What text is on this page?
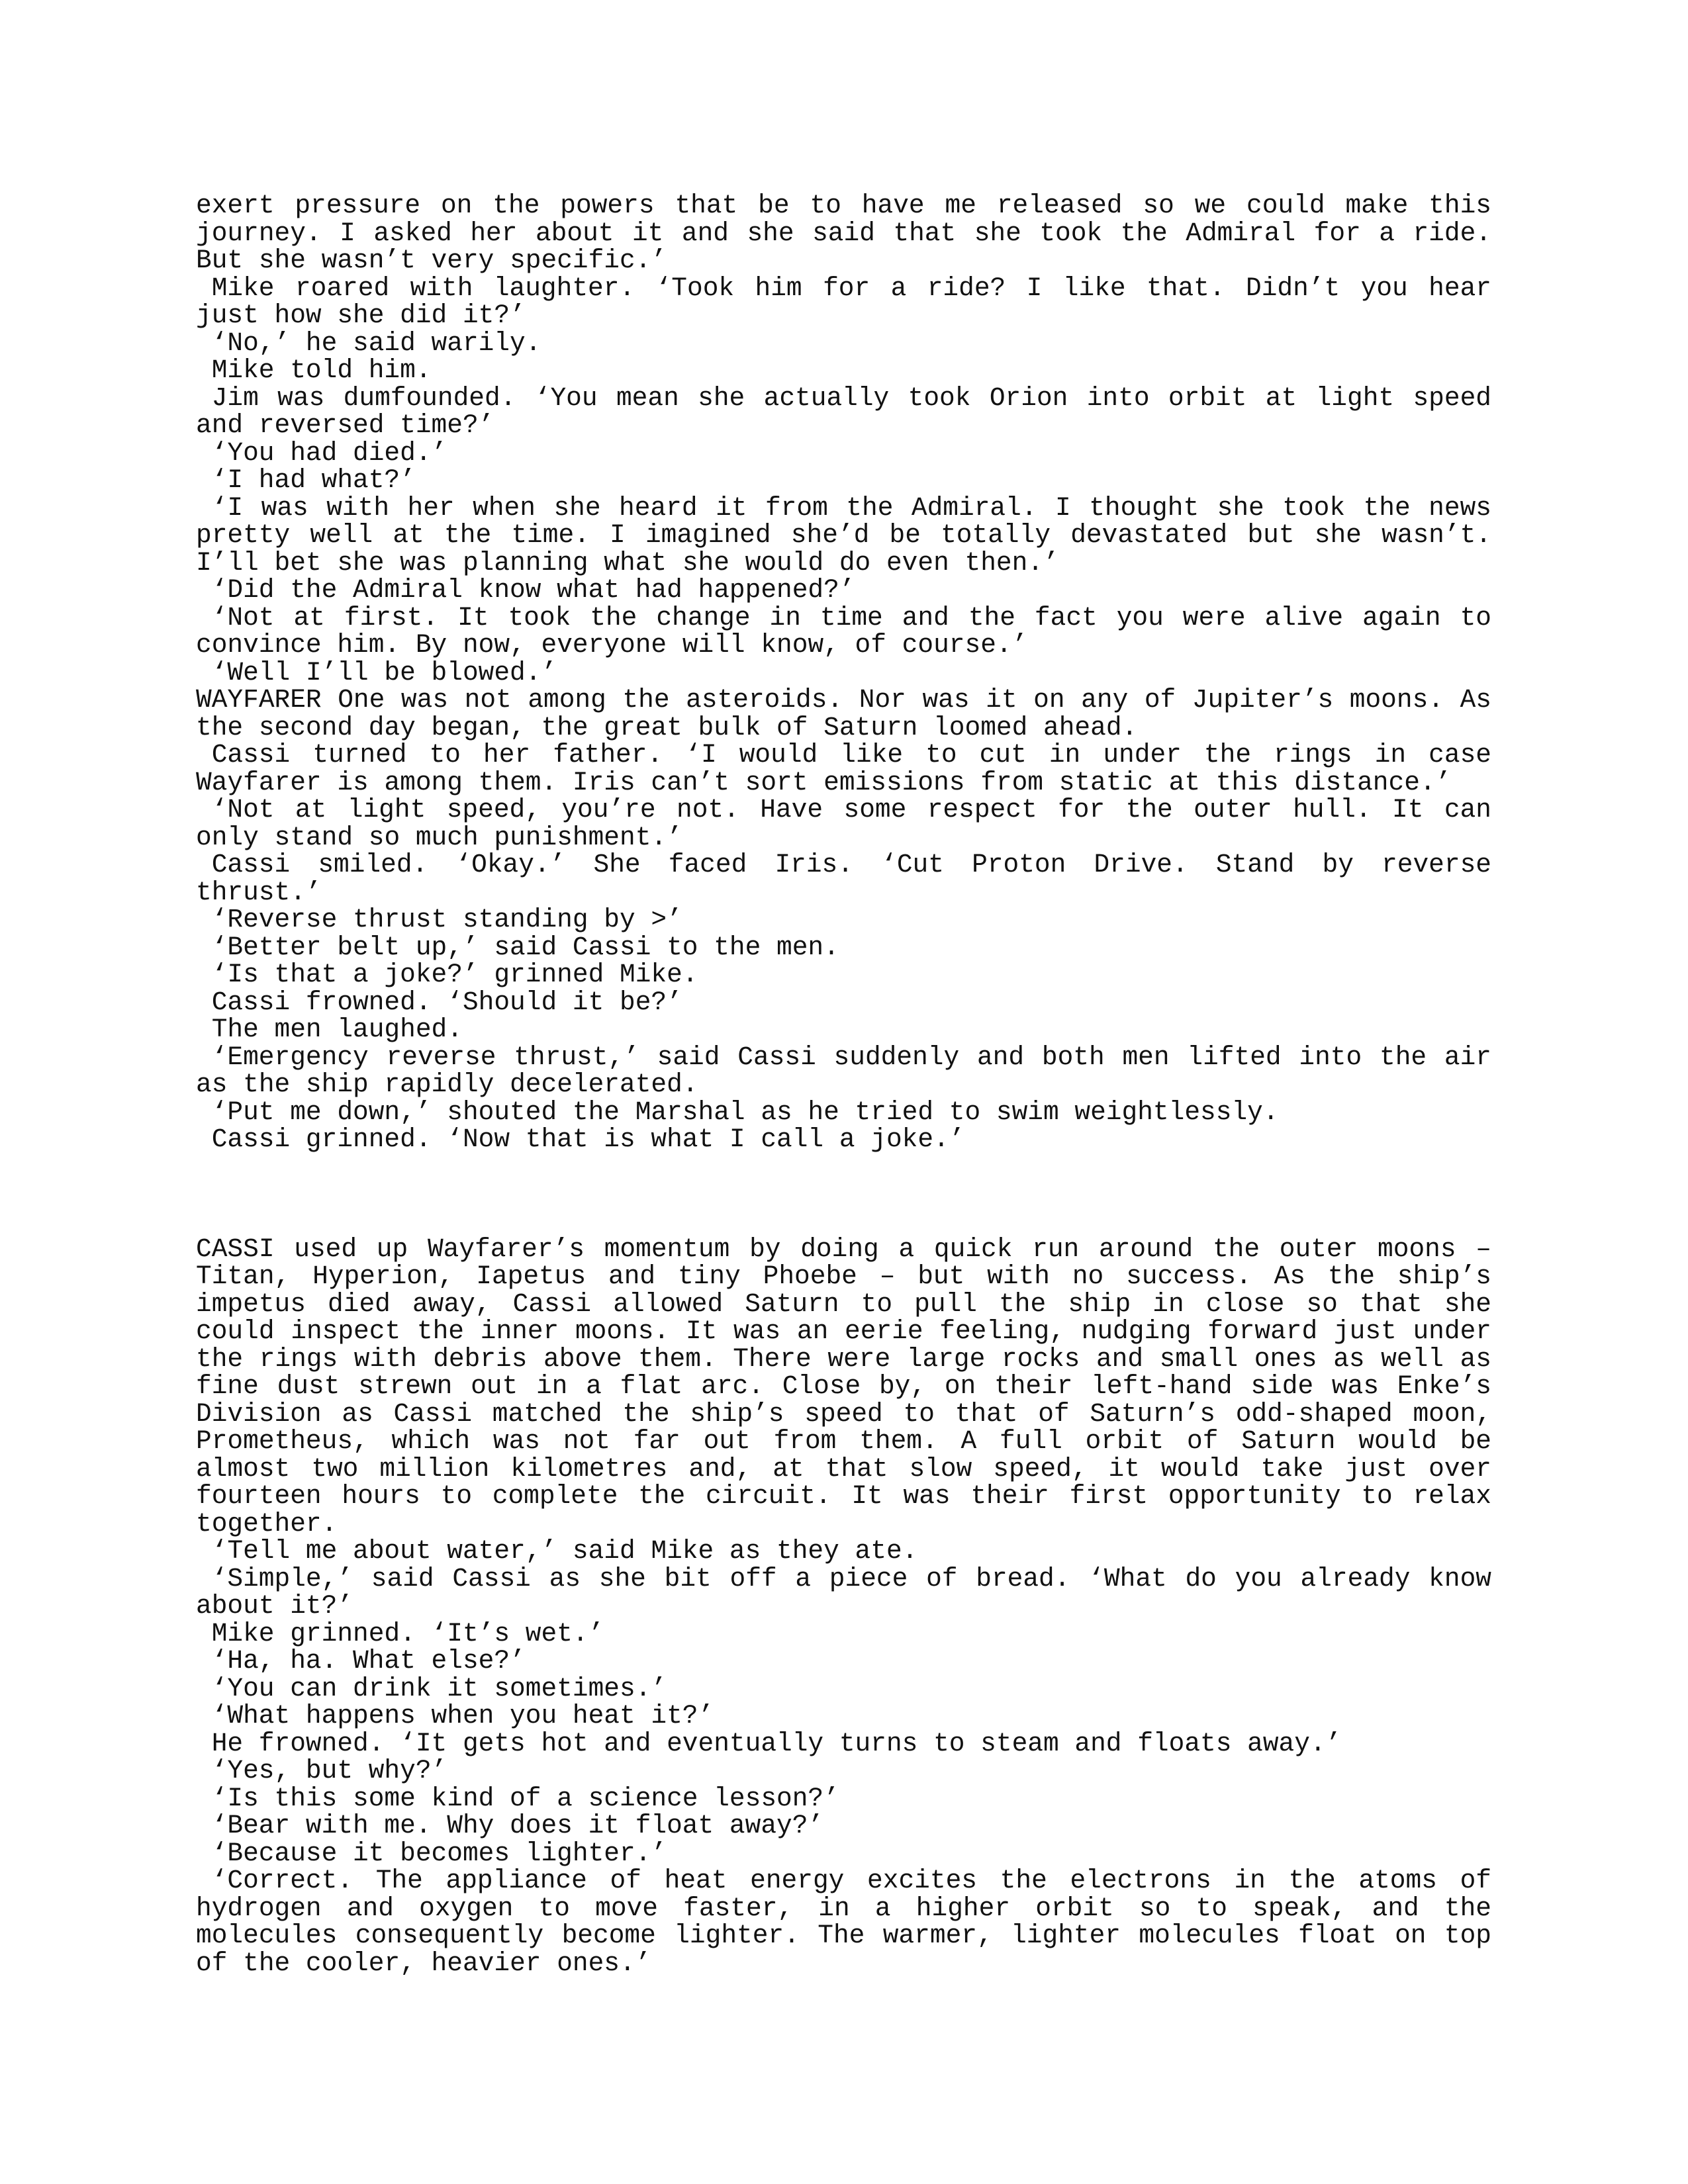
exert pressure on the powers that be to have me released so we could make this journey. I asked her about it and she said that she took the Admiral for a ride. But she wasn’t very specific.’

Mike roared with laughter. ‘Took him for a ride? I like that. Didn’t you hear just how she did it?’

‘No,’ he said warily.

Mike told him.

Jim was dumfounded. ‘You mean she actually took Orion into orbit at light speed and reversed time?’

‘You had died.’

‘I had what?’

‘I was with her when she heard it from the Admiral. I thought she took the news pretty well at the time. I imagined she’d be totally devastated but she wasn’t. I’ll bet she was planning what she would do even then.’

‘Did the Admiral know what had happened?’

‘Not at first. It took the change in time and the fact you were alive again to convince him. By now, everyone will know, of course.’

‘Well I’ll be blowed.’

WAYFARER One was not among the asteroids. Nor was it on any of Jupiter’s moons. As the second day began, the great bulk of Saturn loomed ahead.

Cassi turned to her father. ‘I would like to cut in under the rings in case Wayfarer is among them. Iris can’t sort emissions from static at this distance.’

‘Not at light speed, you’re not. Have some respect for the outer hull. It can only stand so much punishment.’

Cassi smiled. ‘Okay.’ She faced Iris. ‘Cut Proton Drive. Stand by reverse thrust.’

‘Reverse thrust standing by >’

‘Better belt up,’ said Cassi to the men.

‘Is that a joke?’ grinned Mike.

Cassi frowned. ‘Should it be?’

The men laughed.

‘Emergency reverse thrust,’ said Cassi suddenly and both men lifted into the air as the ship rapidly decelerated.

‘Put me down,’ shouted the Marshal as he tried to swim weightlessly.

Cassi grinned. ‘Now that is what I call a joke.’

CASSI used up Wayfarer’s momentum by doing a quick run around the outer moons – Titan, Hyperion, Iapetus and tiny Phoebe – but with no success. As the ship’s impetus died away, Cassi allowed Saturn to pull the ship in close so that she could inspect the inner moons. It was an eerie feeling, nudging forward just under the rings with debris above them. There were large rocks and small ones as well as fine dust strewn out in a flat arc. Close by, on their left-hand side was Enke’s Division as Cassi matched the ship’s speed to that of Saturn’s odd-shaped moon, Prometheus, which was not far out from them. A full orbit of Saturn would be almost two million kilometres and, at that slow speed, it would take just over fourteen hours to complete the circuit. It was their first opportunity to relax together.

‘Tell me about water,’ said Mike as they ate.

‘Simple,’ said Cassi as she bit off a piece of bread. ‘What do you already know about it?’

Mike grinned. ‘It’s wet.’

‘Ha, ha. What else?’

‘You can drink it sometimes.’

‘What happens when you heat it?’

He frowned. ‘It gets hot and eventually turns to steam and floats away.’

‘Yes, but why?’

‘Is this some kind of a science lesson?’

‘Bear with me. Why does it float away?’

‘Because it becomes lighter.’

‘Correct. The appliance of heat energy excites the electrons in the atoms of hydrogen and oxygen to move faster, in a higher orbit so to speak, and the molecules consequently become lighter. The warmer, lighter molecules float on top of the cooler, heavier ones.’
